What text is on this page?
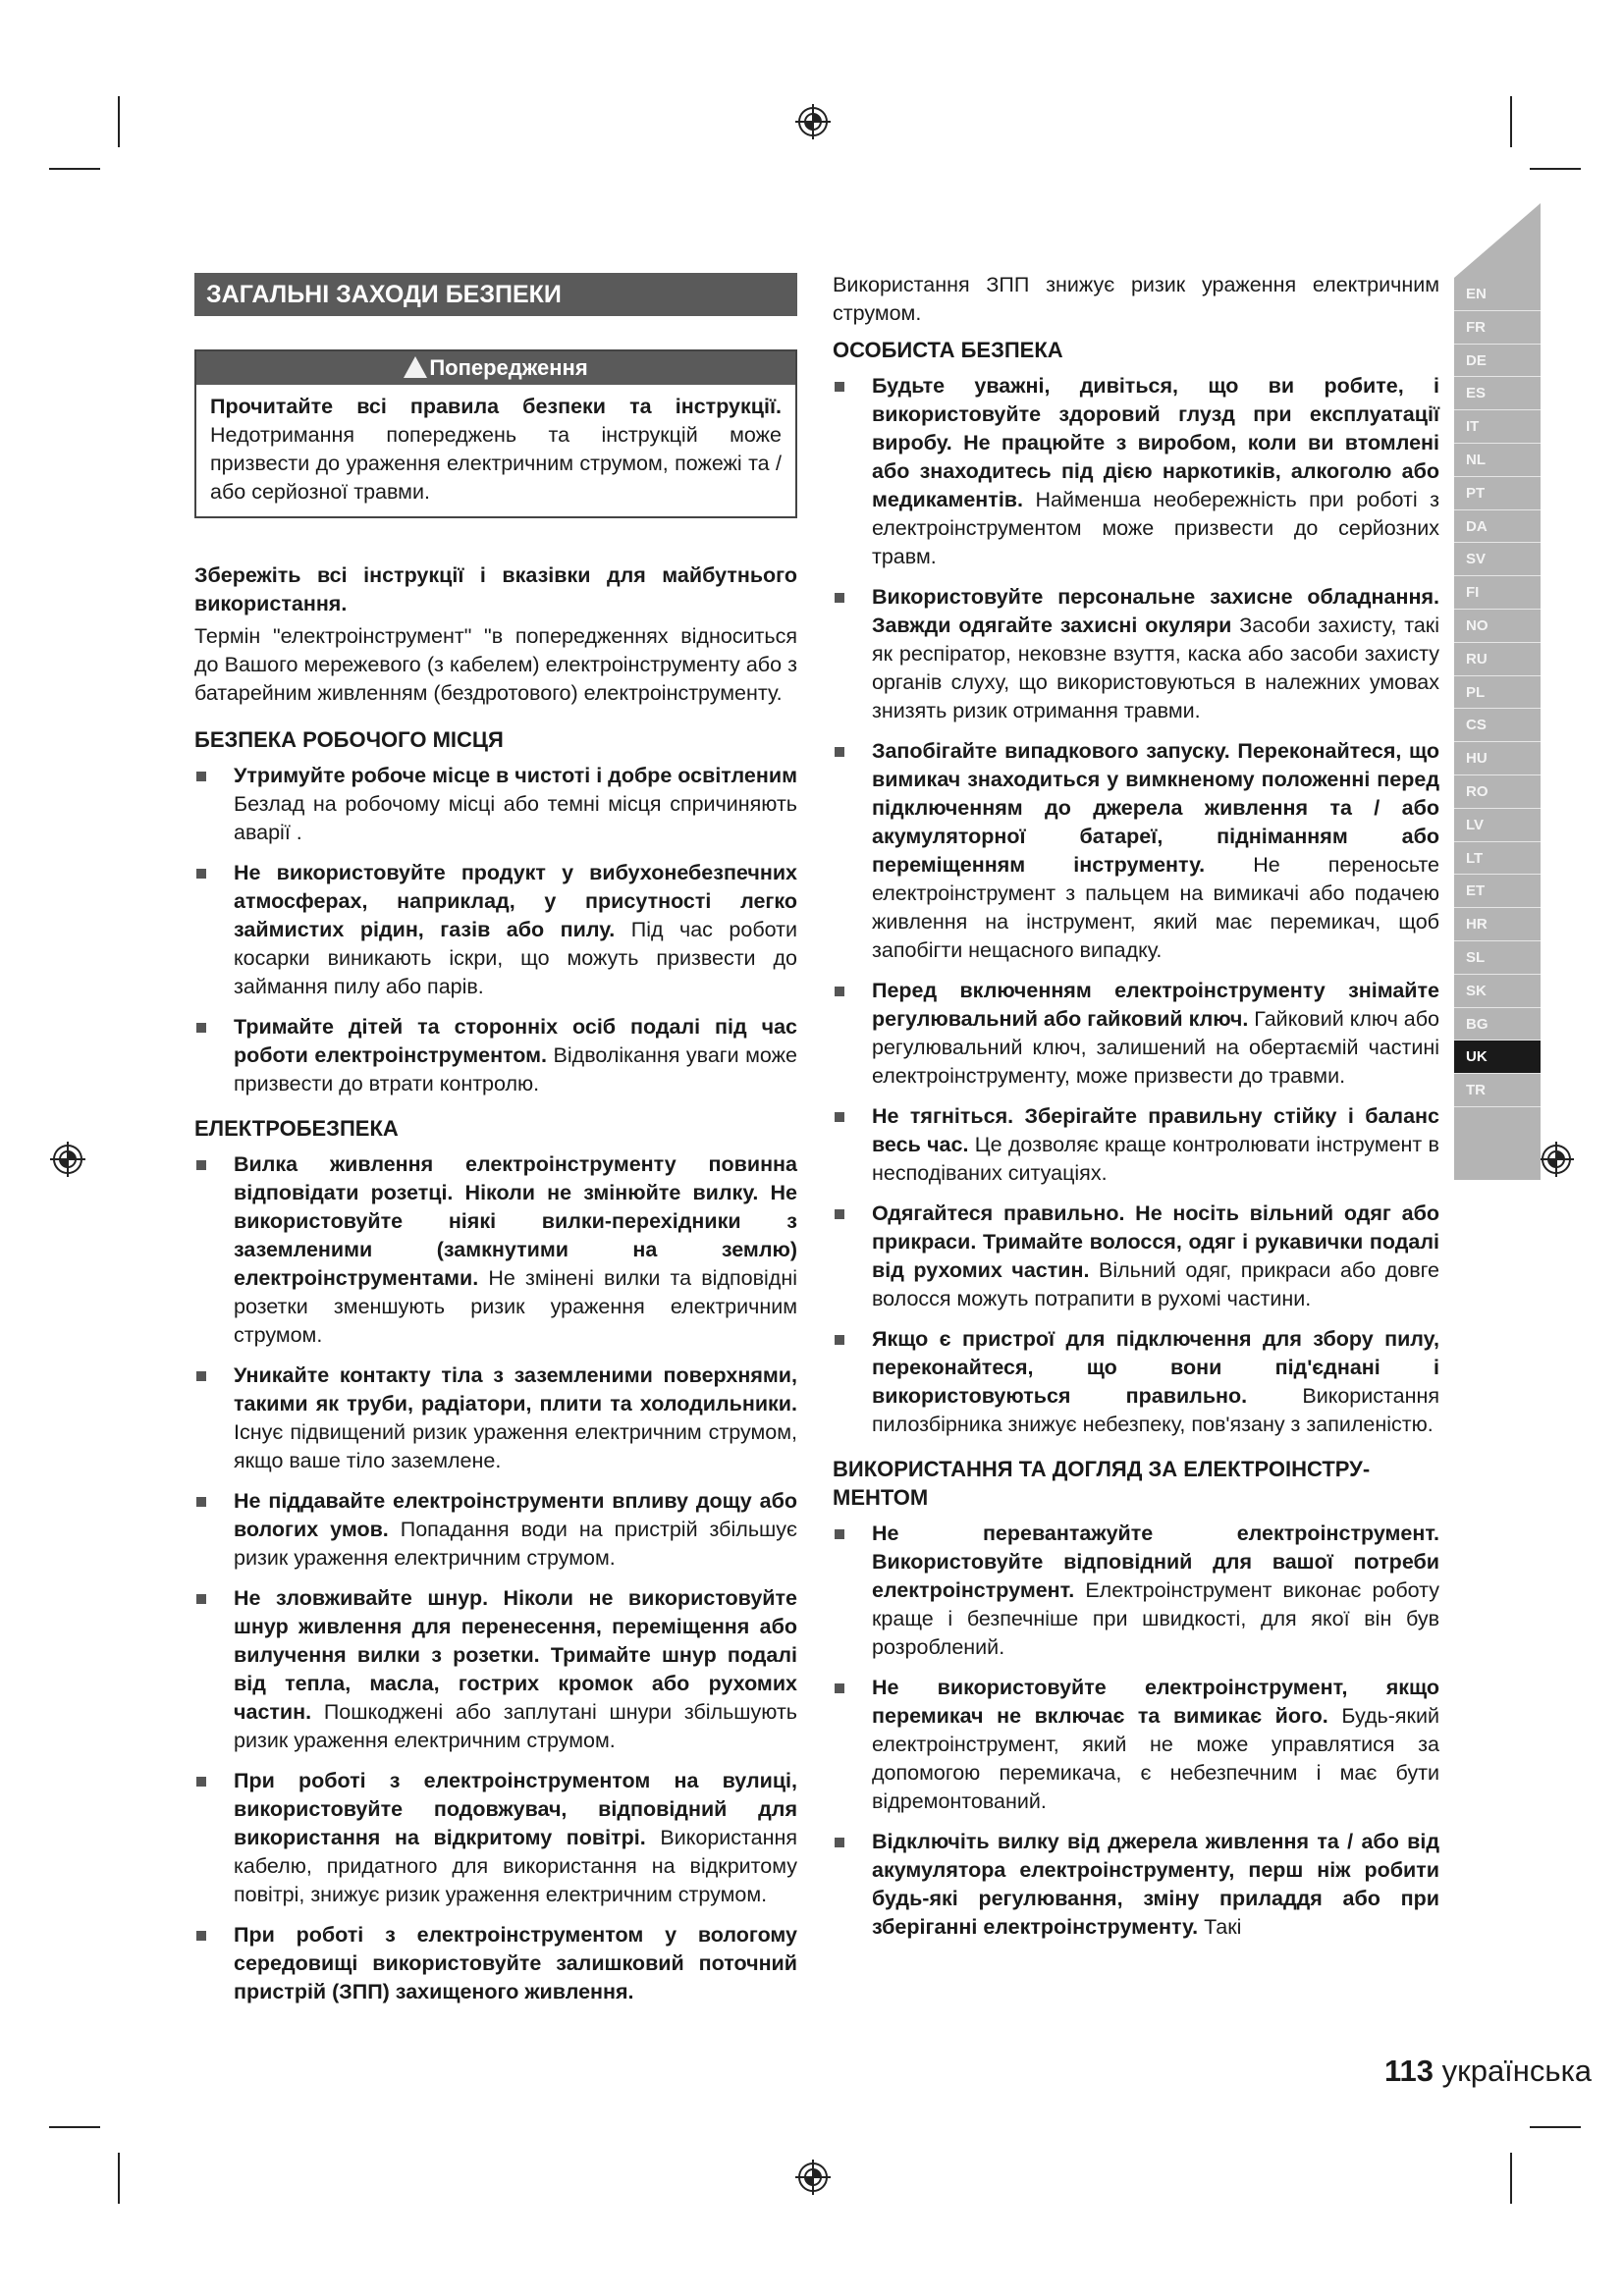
ЗАГАЛЬНІ ЗАХОДИ БЕЗПЕКИ
Попередження
Прочитайте всі правила безпеки та інструкції. Недотримання попереджень та інструкцій може призвести до ураження електричним струмом, пожежі та / або серйозної травми.

Збережіть всі інструкції і вказівки для майбутнього використання.

Термін "електроінструмент" "в попередженнях відноситься до Вашого мережевого (з кабелем) електроінструменту або з батарейним живленням (бездротового) електроінструменту.

БЕЗПЕКА РОБОЧОГО МІСЦЯ
Утримуйте робоче місце в чистоті і добре освітленим Безлад на робочому місці або темні місця спричиняють аварії .
Не використовуйте продукт у вибухонебезпечних атмосферах, наприклад, у присутності легко займистих рідин, газів або пилу. Під час роботи косарки виникають іскри, що можуть призвести до займання пилу або парів.
Тримайте дітей та сторонніх осіб подалі під час роботи електроінструментом. Відволікання уваги може призвести до втрати контролю.
ЕЛЕКТРОБЕЗПЕКА
Вилка живлення електроінструменту повинна відповідати розетці. Ніколи не змінюйте вилку. Не використовуйте ніякі вилки-перехідники з заземленими (замкнутими на землю) електроінструментами. Не змінені вилки та відповідні розетки зменшують ризик ураження електричним струмом.
Уникайте контакту тіла з заземленими поверхнями, такими як труби, радіатори, плити та холодильники. Існує підвищений ризик ураження електричним струмом, якщо ваше тіло заземлене.
Не піддавайте електроінструменти впливу дощу або вологих умов. Попадання води на пристрій збільшує ризик ураження електричним струмом.
Не зловживайте шнур. Ніколи не використовуйте шнур живлення для перенесення, переміщення або вилучення вилки з розетки. Тримайте шнур подалі від тепла, масла, гострих кромок або рухомих частин. Пошкоджені або заплутані шнури збільшують ризик ураження електричним струмом.
При роботі з електроінструментом на вулиці, використовуйте подовжувач, відповідний для використання на відкритому повітрі. Використання кабелю, придатного для використання на відкритому повітрі, знижує ризик ураження електричним струмом.
При роботі з електроінструментом у вологому середовищі використовуйте залишковий поточний пристрій (ЗПП) захищеного живлення.

Використання ЗПП знижує ризик ураження електричним струмом.

ОСОБИСТА БЕЗПЕКА
Будьте уважні, дивіться, що ви робите, і використовуйте здоровий глузд при експлуатації виробу. Не працюйте з виробом, коли ви втомлені або знаходитесь під дією наркотиків, алкоголю або медикаментів. Найменша необережність при роботі з електроінструментом може призвести до серйозних травм.
Використовуйте персональне захисне обладнання. Завжди одягайте захисні окуляри Засоби захисту, такі як респіратор, нековзне взуття, каска або засоби захисту органів слуху, що використовуються в належних умовах знизять ризик отримання травми.
Запобігайте випадкового запуску. Переконайтеся, що вимикач знаходиться у вимкненому положенні перед підключенням до джерела живлення та / або акумуляторної батареї, підніманням або переміщенням інструменту. Не переносьте електроінструмент з пальцем на вимикачі або подачею живлення на інструмент, який має перемикач, щоб запобігти нещасного випадку.
Перед включенням електроінструменту знімайте регулювальний або гайковий ключ. Гайковий ключ або регулювальний ключ, залишений на обертаємій частині електроінструменту, може призвести до травми.
Не тягніться. Зберігайте правильну стійку і баланс весь час. Це дозволяє краще контролювати інструмент в несподіваних ситуаціях.
Одягайтеся правильно. Не носіть вільний одяг або прикраси. Тримайте волосся, одяг і рукавички подалі від рухомих частин. Вільний одяг, прикраси або довге волосся можуть потрапити в рухомі частини.
Якщо є пристрої для підключення для збору пилу, переконайтеся, що вони під'єднані і використовуються правильно. Використання пилозбірника знижує небезпеку, пов'язану з запиленістю.
ВИКОРИСТАННЯ ТА ДОГЛЯД ЗА ЕЛЕКТРОІНСТРУ-МЕНТОМ
Не перевантажуйте електроінструмент. Використовуйте відповідний для вашої потреби електроінструмент. Електроінструмент виконає роботу краще і безпечніше при швидкості, для якої він був розроблений.
Не використовуйте електроінструмент, якщо перемикач не включає та вимикає його. Будь-який електроінструмент, який не може управлятися за допомогою перемикача, є небезпечним і має бути відремонтований.
Відключіть вилку від джерела живлення та / або від акумулятора електроінструменту, перш ніж робити будь-які регулювання, зміну приладдя або при зберіганні електроінструменту. Такі
EN
FR
DE
ES
IT
NL
PT
DA
SV
FI
NO
RU
PL
CS
HU
RO
LV
LT
ET
HR
SL
SK
BG
UK
TR
113 українська
